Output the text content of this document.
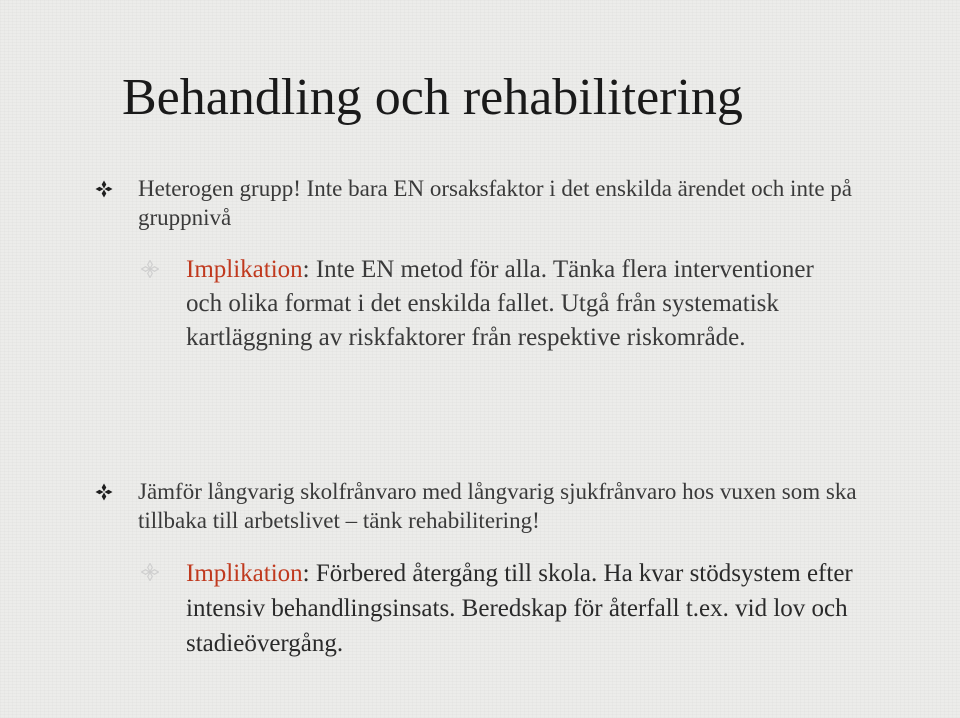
Behandling och rehabilitering
Heterogen grupp! Inte bara EN orsaksfaktor i det enskilda ärendet och inte på gruppnivå
Implikation: Inte EN metod för alla. Tänka flera interventioner och olika format i det enskilda fallet. Utgå från systematisk kartläggning av riskfaktorer från respektive riskområde.
Jämför långvarig skolfrånvaro med långvarig sjukfrånvaro hos vuxen som ska tillbaka till arbetslivet – tänk rehabilitering!
Implikation: Förbered återgång till skola. Ha kvar stödsystem efter intensiv behandlingsinsats. Beredskap för återfall t.ex. vid lov och stadieövergång.
